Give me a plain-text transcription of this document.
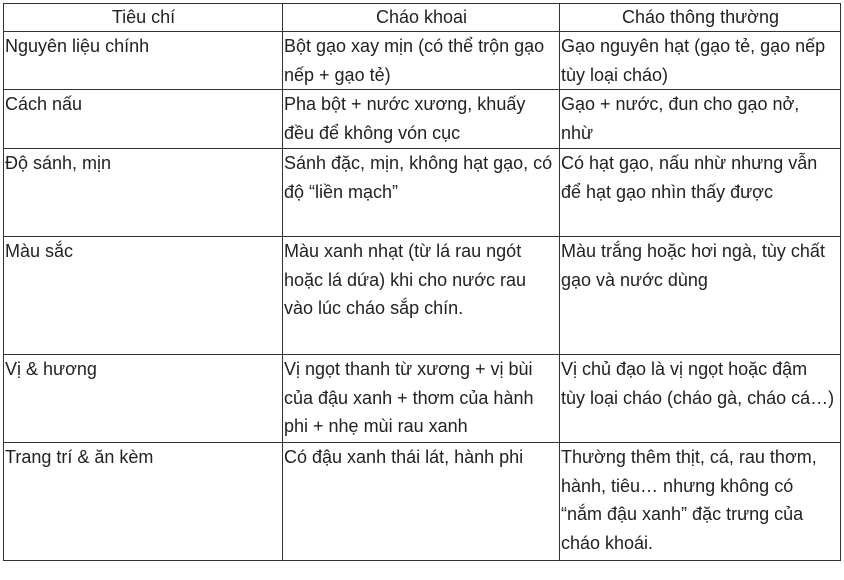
Tiêu chí	Cháo khoai	Cháo thông thường
Nguyên liệu chính	Bột gạo xay mịn (có thể trộn gạo nếp + gạo tẻ)	Gạo nguyên hạt (gạo tẻ, gạo nếp tùy loại cháo)
Cách nấu	Pha bột + nước xương, khuấy đều để không vón cục	Gạo + nước, đun cho gạo nở, nhừ
Độ sánh, mịn	Sánh đặc, mịn, không hạt gạo, có độ “liền mạch”	Có hạt gạo, nấu nhừ nhưng vẫn để hạt gạo nhìn thấy được
Màu sắc	Màu xanh nhạt (từ lá rau ngót hoặc lá dứa) khi cho nước rau vào lúc cháo sắp chín.	Màu trắng hoặc hơi ngà, tùy chất gạo và nước dùng
Vị & hương	Vị ngọt thanh từ xương + vị bùi của đậu xanh + thơm của hành phi + nhẹ mùi rau xanh	Vị chủ đạo là vị ngọt hoặc đậm tùy loại cháo (cháo gà, cháo cá…)
Trang trí & ăn kèm	Có đậu xanh thái lát, hành phi	Thường thêm thịt, cá, rau thơm, hành, tiêu… nhưng không có “nắm đậu xanh” đặc trưng của cháo khoái.
